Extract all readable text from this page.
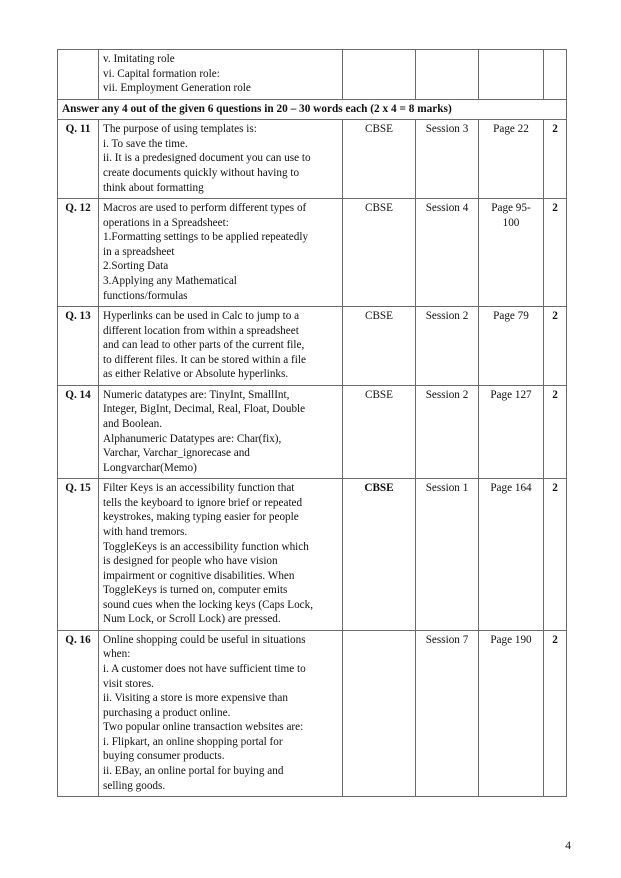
	v. Imitating role
vi. Capital formation role:
vii. Employment Generation role				

Answer any 4 out of the given 6 questions in 20 – 30 words each (2 x 4 = 8 marks)					
Q. 11	The purpose of using templates is:
i. To save the time.
ii. It is a predesigned document you can use to
create documents quickly without having to
think about formatting	CBSE	Session 3	Page 22	2
Q. 12	Macros are used to perform different types of
operations in a Spreadsheet:
1.Formatting settings to be applied repeatedly
in a spreadsheet
2.Sorting Data
3.Applying any Mathematical
functions/formulas
	CBSE	Session 4	Page 95-100	2
Q. 13	Hyperlinks can be used in Calc to jump to a
different location from within a spreadsheet
and can lead to other parts of the current file,
to different files. It can be stored within a file
as either Relative or Absolute hyperlinks.	CBSE	Session 2	Page 79	2
Q. 14	Numeric datatypes are: TinyInt, SmallInt,
Integer, BigInt, Decimal, Real, Float, Double
and Boolean.
Alphanumeric Datatypes are: Char(fix),
Varchar, Varchar_ignorecase and
Longvarchar(Memo)
	CBSE	Session 2	Page 127	2
Q. 15	Filter Keys is an accessibility function that
tells the keyboard to ignore brief or repeated
keystrokes, making typing easier for people
with hand tremors.
ToggleKeys is an accessibility function which
is designed for people who have vision
impairment or cognitive disabilities. When
ToggleKeys is turned on, computer emits
sound cues when the locking keys (Caps Lock,
Num Lock, or Scroll Lock) are pressed.
	CBSE	Session 1	Page 164	2
Q. 16	Online shopping could be useful in situations
when:
i. A customer does not have sufficient time to
visit stores.
ii. Visiting a store is more expensive than
purchasing a product online.
Two popular online transaction websites are:
i. Flipkart, an online shopping portal for
buying consumer products.
ii. EBay, an online portal for buying and
selling goods.
		Session 7	Page 190	2
4
